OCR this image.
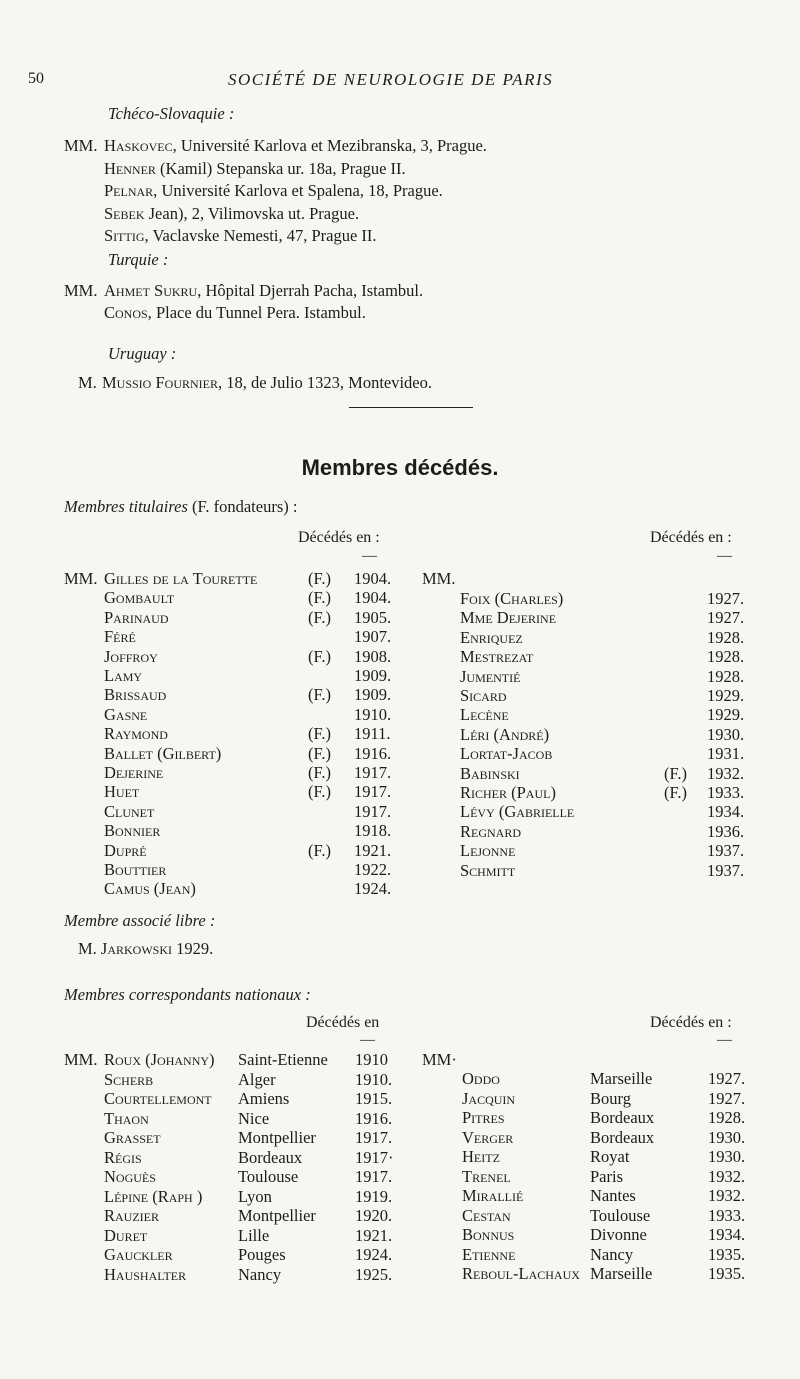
50	SOCIÉTÉ DE NEUROLOGIE DE PARIS
Tchéco-Slovaquie :
MM. Haskovec, Université Karlova et Mezibranska, 3, Prague.
Henner (Kamil) Stepanska ur. 18a, Prague II.
Pelnar, Université Karlova et Spalena, 18, Prague.
Sebek Jean), 2, Vilimovska ut. Prague.
Sittig, Vaclavske Nemesti, 47, Prague II.
Turquie :
MM. Ahmet Sukru, Hôpital Djerrah Pacha, Istambul.
Conos, Place du Tunnel Pera. Istambul.
Uruguay :
M. Mussio Fournier, 18, de Julio 1323, Montevideo.
Membres décédés.
Membres titulaires (F. fondateurs) :
Décédés en :	Décédés en :
—	—
MM.	MM.
Gilles de la Tourette	(F.) 1904.
Gombault	(F.) 1904.
Parinaud	(F.) 1905.
Féré	1907.
Joffroy	(F.) 1908.
Lamy	1909.
Brissaud	(F.) 1909.
Gasne	1910.
Raymond	(F.) 1911.
Ballet (Gilbert)	(F.) 1916.
Dejerine	(F.) 1917.
Huet	(F.) 1917.
Clunet	1917.
Bonnier	1918.
Dupré	(F.) 1921.
Bouttier	1922.
Camus (Jean)	1924.
Foix (Charles)	1927.
Mme Dejerine	1927.
Enriquez	1928.
Mestrezat	1928.
Jumentié	1928.
Sicard	1929.
Lecène	1929.
Léri (André)	1930.
Lortat-Jacob	1931.
Babinski	(F.) 1932.
Richer (Paul)	(F.) 1933.
Lévy (Gabrielle	1934.
Regnard	1936.
Lejonne	1937.
Schmitt	1937.
Membre associé libre :
M. Jarkowski 1929.
Membres correspondants nationaux :
Décédés en	Décédés en :
—	—
MM.	MM·
Roux (Johanny) Saint-Etienne 1910
Scherb	Alger	1910.
Courtellemont Amiens	1915.
Thaon	Nice	1916.
Grasset	Montpellier 1917.
Régis	Bordeaux	1917·
Noguès	Toulouse	1917.
Lépine (Raph ) Lyon	1919.
Rauzier	Montpellier 1920.
Duret	Lille	1921.
Gauckler	Pouges	1924.
Haushalter	Nancy	1925.
Oddo	Marseille	1927.
Jacquin	Bourg	1927.
Pitres	Bordeaux	1928.
Verger	Bordeaux	1930.
Heitz	Royat	1930.
Trenel	Paris	1932.
Mirallié	Nantes	1932.
Cestan	Toulouse	1933.
Bonnus	Divonne	1934.
Etienne	Nancy	1935.
Reboul-Lachaux Marseille	1935.
